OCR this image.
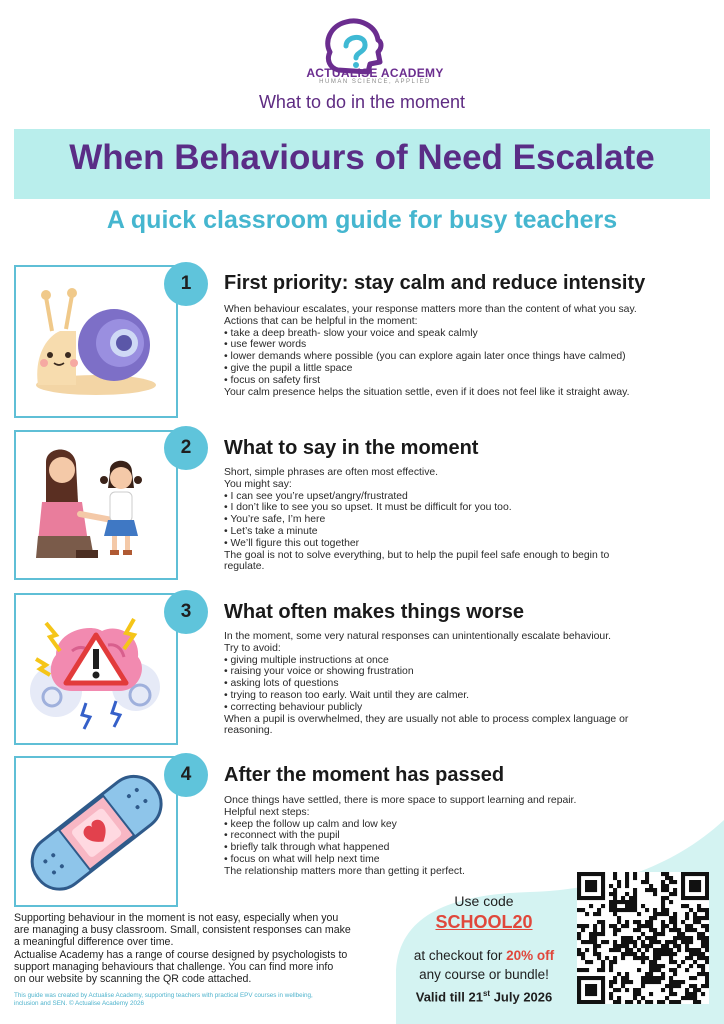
ACTUALISE ACADEMY
HUMAN SCIENCE, APPLIED
What to do in the moment
When Behaviours of Need Escalate
A quick classroom guide for busy teachers
1	First priority: stay calm and reduce intensity
When behaviour escalates, your response matters more than the content of what you say.
Actions that can be helpful in the moment:
• take a deep breath- slow your voice and speak calmly
• use fewer words
• lower demands where possible (you can explore again later once things have calmed)
• give the pupil a little space
• focus on safety first
Your calm presence helps the situation settle, even if it does not feel like it straight away.
2	What to say in the moment
Short, simple phrases are often most effective.
You might say:
• I can see you’re upset/angry/frustrated
• I don’t like to see you so upset. It must be difficult for you too.
• You’re safe, I’m here
• Let’s take a minute
• We’ll figure this out together
The goal is not to solve everything, but to help the pupil feel safe enough to begin to
regulate.
3	What often makes things worse
In the moment, some very natural responses can unintentionally escalate behaviour.
Try to avoid:
• giving multiple instructions at once
• raising your voice or showing frustration
• asking lots of questions
• trying to reason too early. Wait until they are calmer.
• correcting behaviour publicly
When a pupil is overwhelmed, they are usually not able to process complex language or
reasoning.
4	After the moment has passed
Once things have settled, there is more space to support learning and repair.
Helpful next steps:
• keep the follow up calm and low key
• reconnect with the pupil
• briefly talk through what happened
• focus on what will help next time
The relationship matters more than getting it perfect.
Supporting behaviour in the moment is not easy, especially when you
are managing a busy classroom. Small, consistent responses can make
a meaningful difference over time.
Actualise Academy has a range of course designed by psychologists to
support managing behaviours that challenge. You can find more info
on our website by scanning the QR code attached.
This guide was created by Actualise Academy, supporting teachers with practical EPV courses in wellbeing,
inclusion and SEN. © Actualise Academy 2026
Use code
SCHOOL20
at checkout for 20% off
any course or bundle!
Valid till 21st July 2026
